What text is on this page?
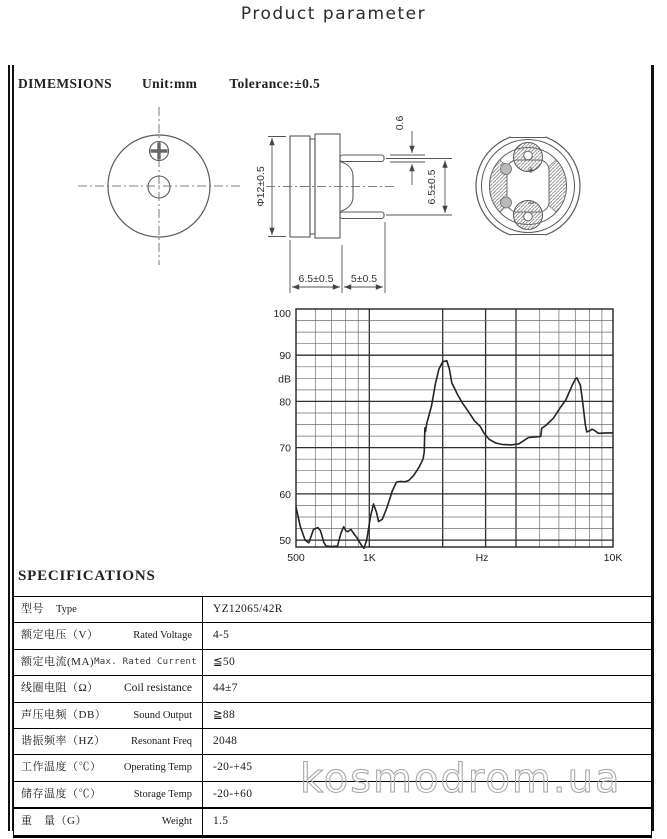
Product parameter
DIMEMSIONS Unit:mm Tolerance:±0.5
Φ12±0.5
0.6
6.5±0.5
6.5±0.5 5±0.5
+
−
100
90
80
70
60
50
dB
500	1K	10K
Hz
SPECIFICATIONS
型号 Type	YZ12065/42R
额定电压（V）	Rated Voltage	4-5
额定电流(MA) Max. Rated Current	≦50
线圈电阻（Ω） Coil resistance	44±7
声压电频（DB）	Sound Output	≧88
谐振频率（HZ） Resonant Freq	2048
工作温度（℃） Operating Temp	-20-+45
储存温度（℃）	Storage Temp	-20-+60
重　量（G）	Weight	1.5
kosmodrom.ua
